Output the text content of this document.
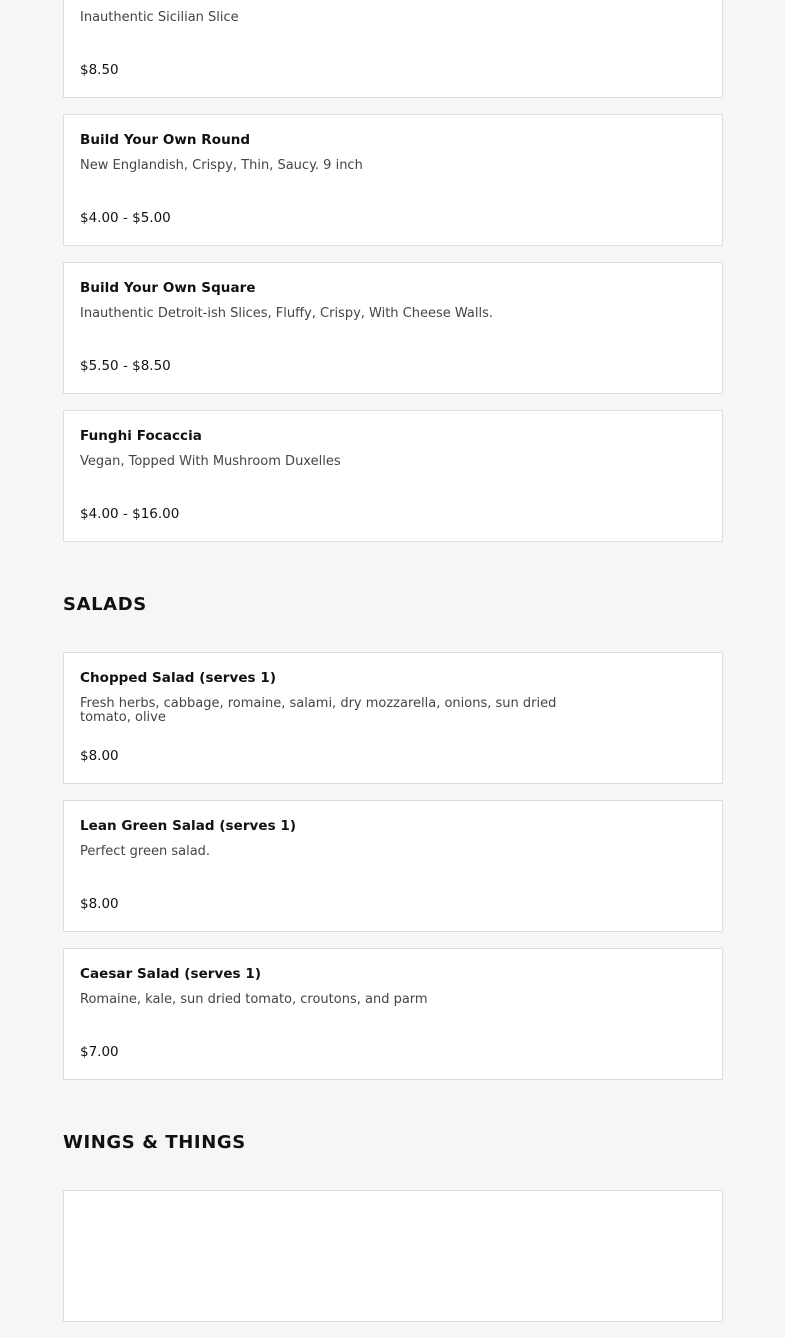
Inauthentic Sicilian Slice
$8.50
Build Your Own Round
New Englandish, Crispy, Thin, Saucy. 9 inch
$4.00 - $5.00
Build Your Own Square
Inauthentic Detroit-ish Slices, Fluffy, Crispy, With Cheese Walls.
$5.50 - $8.50
Funghi Focaccia
Vegan, Topped With Mushroom Duxelles
$4.00 - $16.00
SALADS
Chopped Salad (serves 1)
Fresh herbs, cabbage, romaine, salami, dry mozzarella, onions, sun dried tomato, olive
$8.00
Lean Green Salad (serves 1)
Perfect green salad.
$8.00
Caesar Salad (serves 1)
Romaine, kale, sun dried tomato, croutons, and parm
$7.00
WINGS & THINGS
